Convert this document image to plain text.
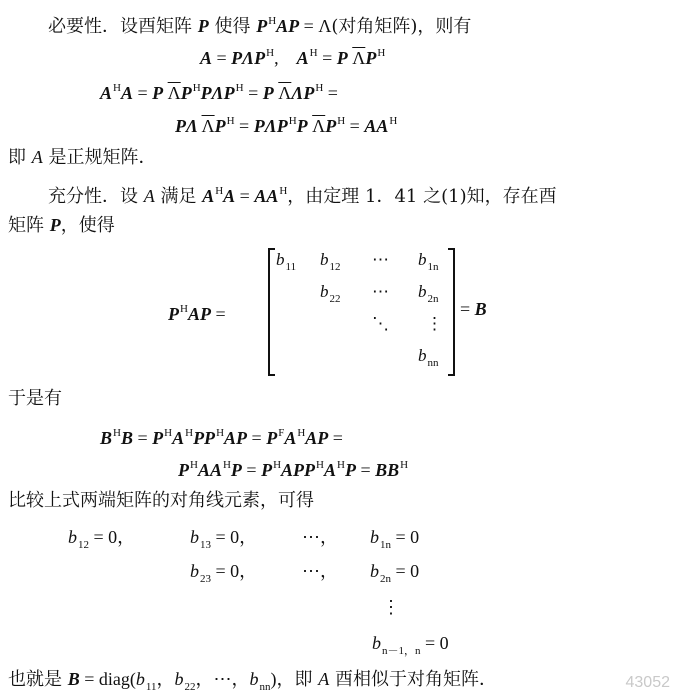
必要性．设酉矩阵 P 使得 $P^HAP = \Lambda$(对角矩阵)，则有
$A = P\Lambda P^H$,　$A^H = P$ $\overline{\Lambda}P^H$
$A^HA = P$ $\overline{\Lambda}P^HP\Lambda P^H = P$ $\overline{\Lambda}\Lambda P^H$ =
PΛ $\overline{\Lambda}P^H = P\Lambda P^HP$ $\overline{\Lambda}P^H = AA^H$
即 A 是正规矩阵．
充分性．设 A 满足 $A^HA = AA^H$，由定理 1．41 之(1)知，存在酉
矩阵 P，使得
$P^HAP$ =
$b_{11}$ $b_{12}$ ⋯ $b_{1n}$
$b_{22}$ ⋯ $b_{2n}$
⋱ ⋮
$b_{nn}$
= B
于是有
$B^HB = P^HA^HPP^HAP = P^FA^HAP$ =
$P^HAA^HP = P^HAPP^HA^HP = BB^H$
比较上式两端矩阵的对角线元素，可得
$b_{12} = 0$，	$b_{13} = 0$， ⋯， $b_{1n} = 0$
$b_{23} = 0$， ⋯， $b_{2n} = 0$
⋮
$b_{n-1,n} = 0$
也就是 $B = diag(b_{11}$，$b_{22}$，⋯，$b_{nn}$)，即 A 酉相似于对角矩阵．	43052
